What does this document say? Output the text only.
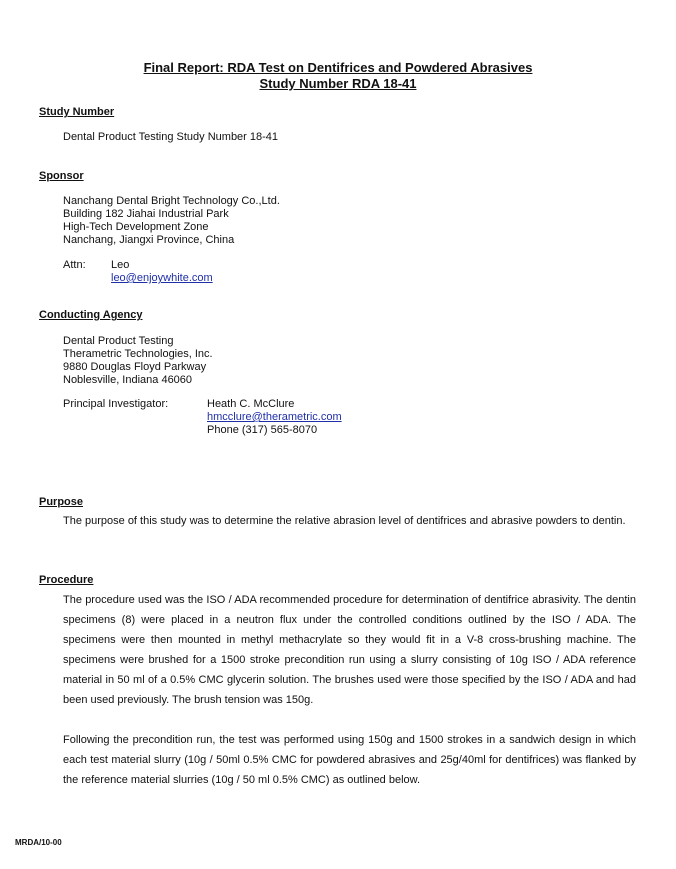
Final Report: RDA Test on Dentifrices and Powdered Abrasives
Study Number RDA 18-41
Study Number
Dental Product Testing Study Number 18-41
Sponsor
Nanchang Dental Bright Technology Co.,Ltd.
Building 182 Jiahai Industrial Park
High-Tech Development Zone
Nanchang, Jiangxi Province, China
Attn: Leo
leo@enjoywhite.com
Conducting Agency
Dental Product Testing
Therametric Technologies, Inc.
9880 Douglas Floyd Parkway
Noblesville, Indiana 46060
Principal Investigator:	Heath C. McClure
hmcclure@therametric.com
Phone (317) 565-8070
Purpose
The purpose of this study was to determine the relative abrasion level of dentifrices and abrasive powders to dentin.
Procedure
The procedure used was the ISO / ADA recommended procedure for determination of dentifrice abrasivity. The dentin specimens (8) were placed in a neutron flux under the controlled conditions outlined by the ISO / ADA. The specimens were then mounted in methyl methacrylate so they would fit in a V-8 cross-brushing machine. The specimens were brushed for a 1500 stroke precondition run using a slurry consisting of 10g ISO / ADA reference material in 50 ml of a 0.5% CMC glycerin solution. The brushes used were those specified by the ISO / ADA and had been used previously. The brush tension was 150g.
Following the precondition run, the test was performed using 150g and 1500 strokes in a sandwich design in which each test material slurry (10g / 50ml 0.5% CMC for powdered abrasives and 25g/40ml for dentifrices) was flanked by the reference material slurries (10g / 50 ml 0.5% CMC) as outlined below.
MRDA/10-00
